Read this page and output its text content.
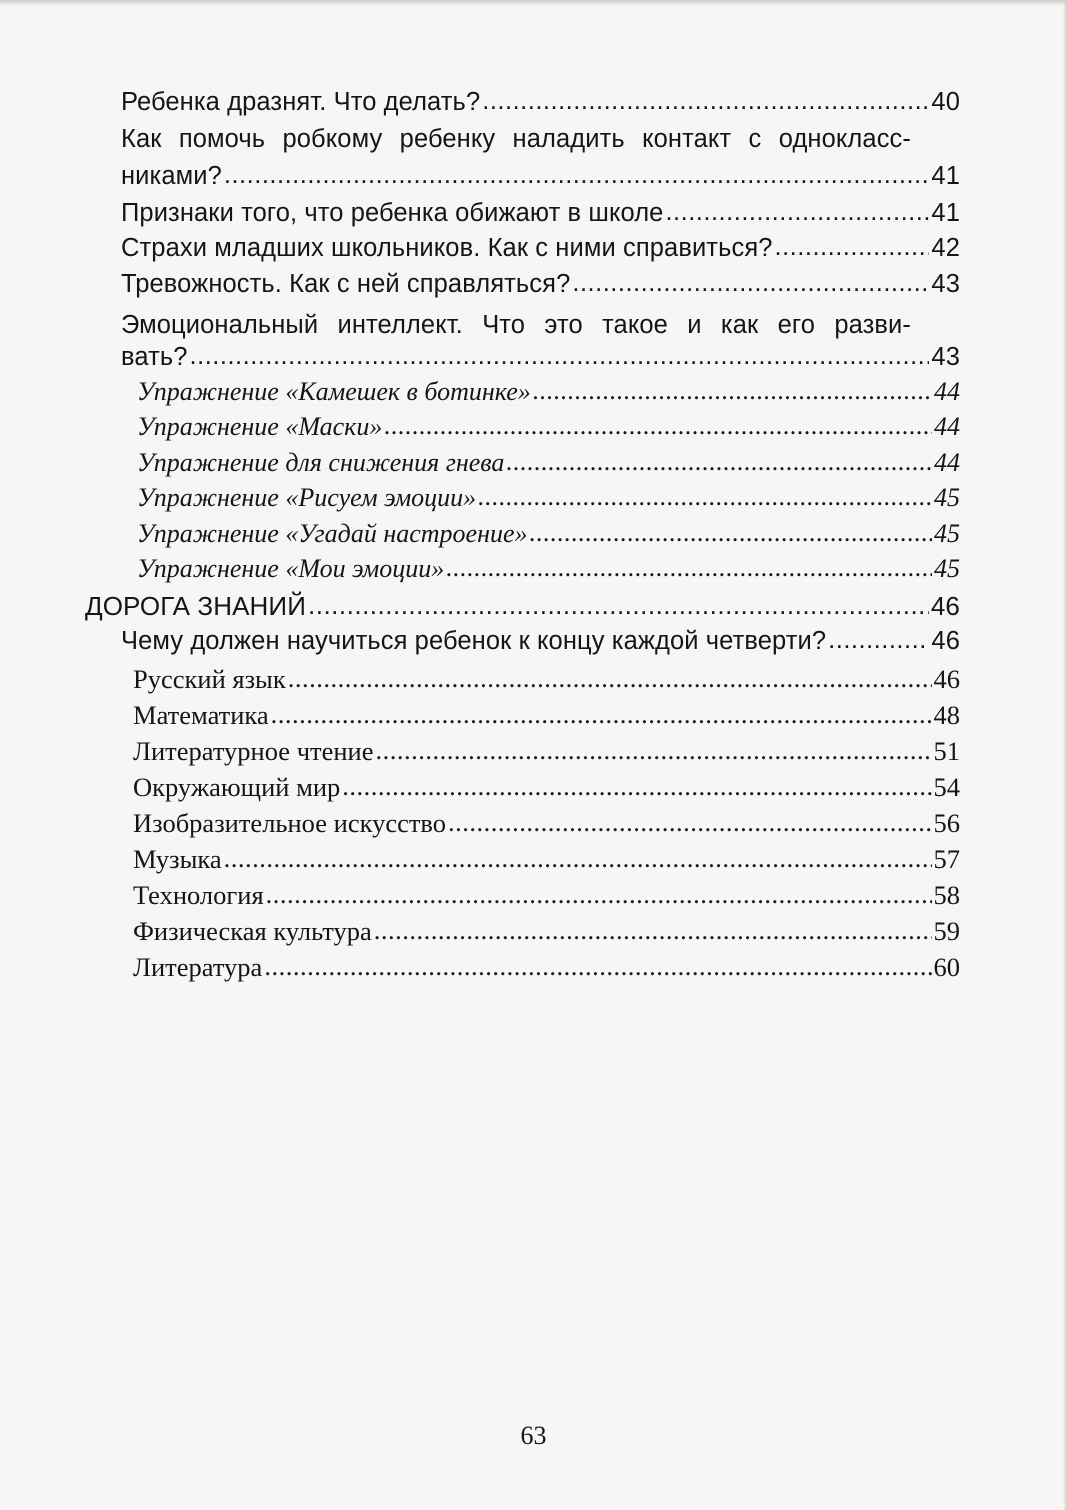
Ребенка дразнят. Что делать? .....	40
Как помочь робкому ребенку наладить контакт с однокласс-
никами? .....	41
Признаки того, что ребенка обижают в школе .....	41
Страхи младших школьников. Как с ними справиться? .....	42
Тревожность. Как с ней справляться? .....	43
Эмоциональный интеллект. Что это такое и как его разви-
вать? .....	43
Упражнение «Камешек в ботинке» .....	44
Упражнение «Маски» .....	44
Упражнение для снижения гнева .....	44
Упражнение «Рисуем эмоции» .....	45
Упражнение «Угадай настроение» .....	45
Упражнение «Мои эмоции» .....	45
ДОРОГА ЗНАНИЙ .....	46
Чему должен научиться ребенок к концу каждой четверти? .....	46
Русский язык .....	46
Математика .....	48
Литературное чтение .....	51
Окружающий мир .....	54
Изобразительное искусство .....	56
Музыка .....	57
Технология .....	58
Физическая культура .....	59
Литература .....	60
63
